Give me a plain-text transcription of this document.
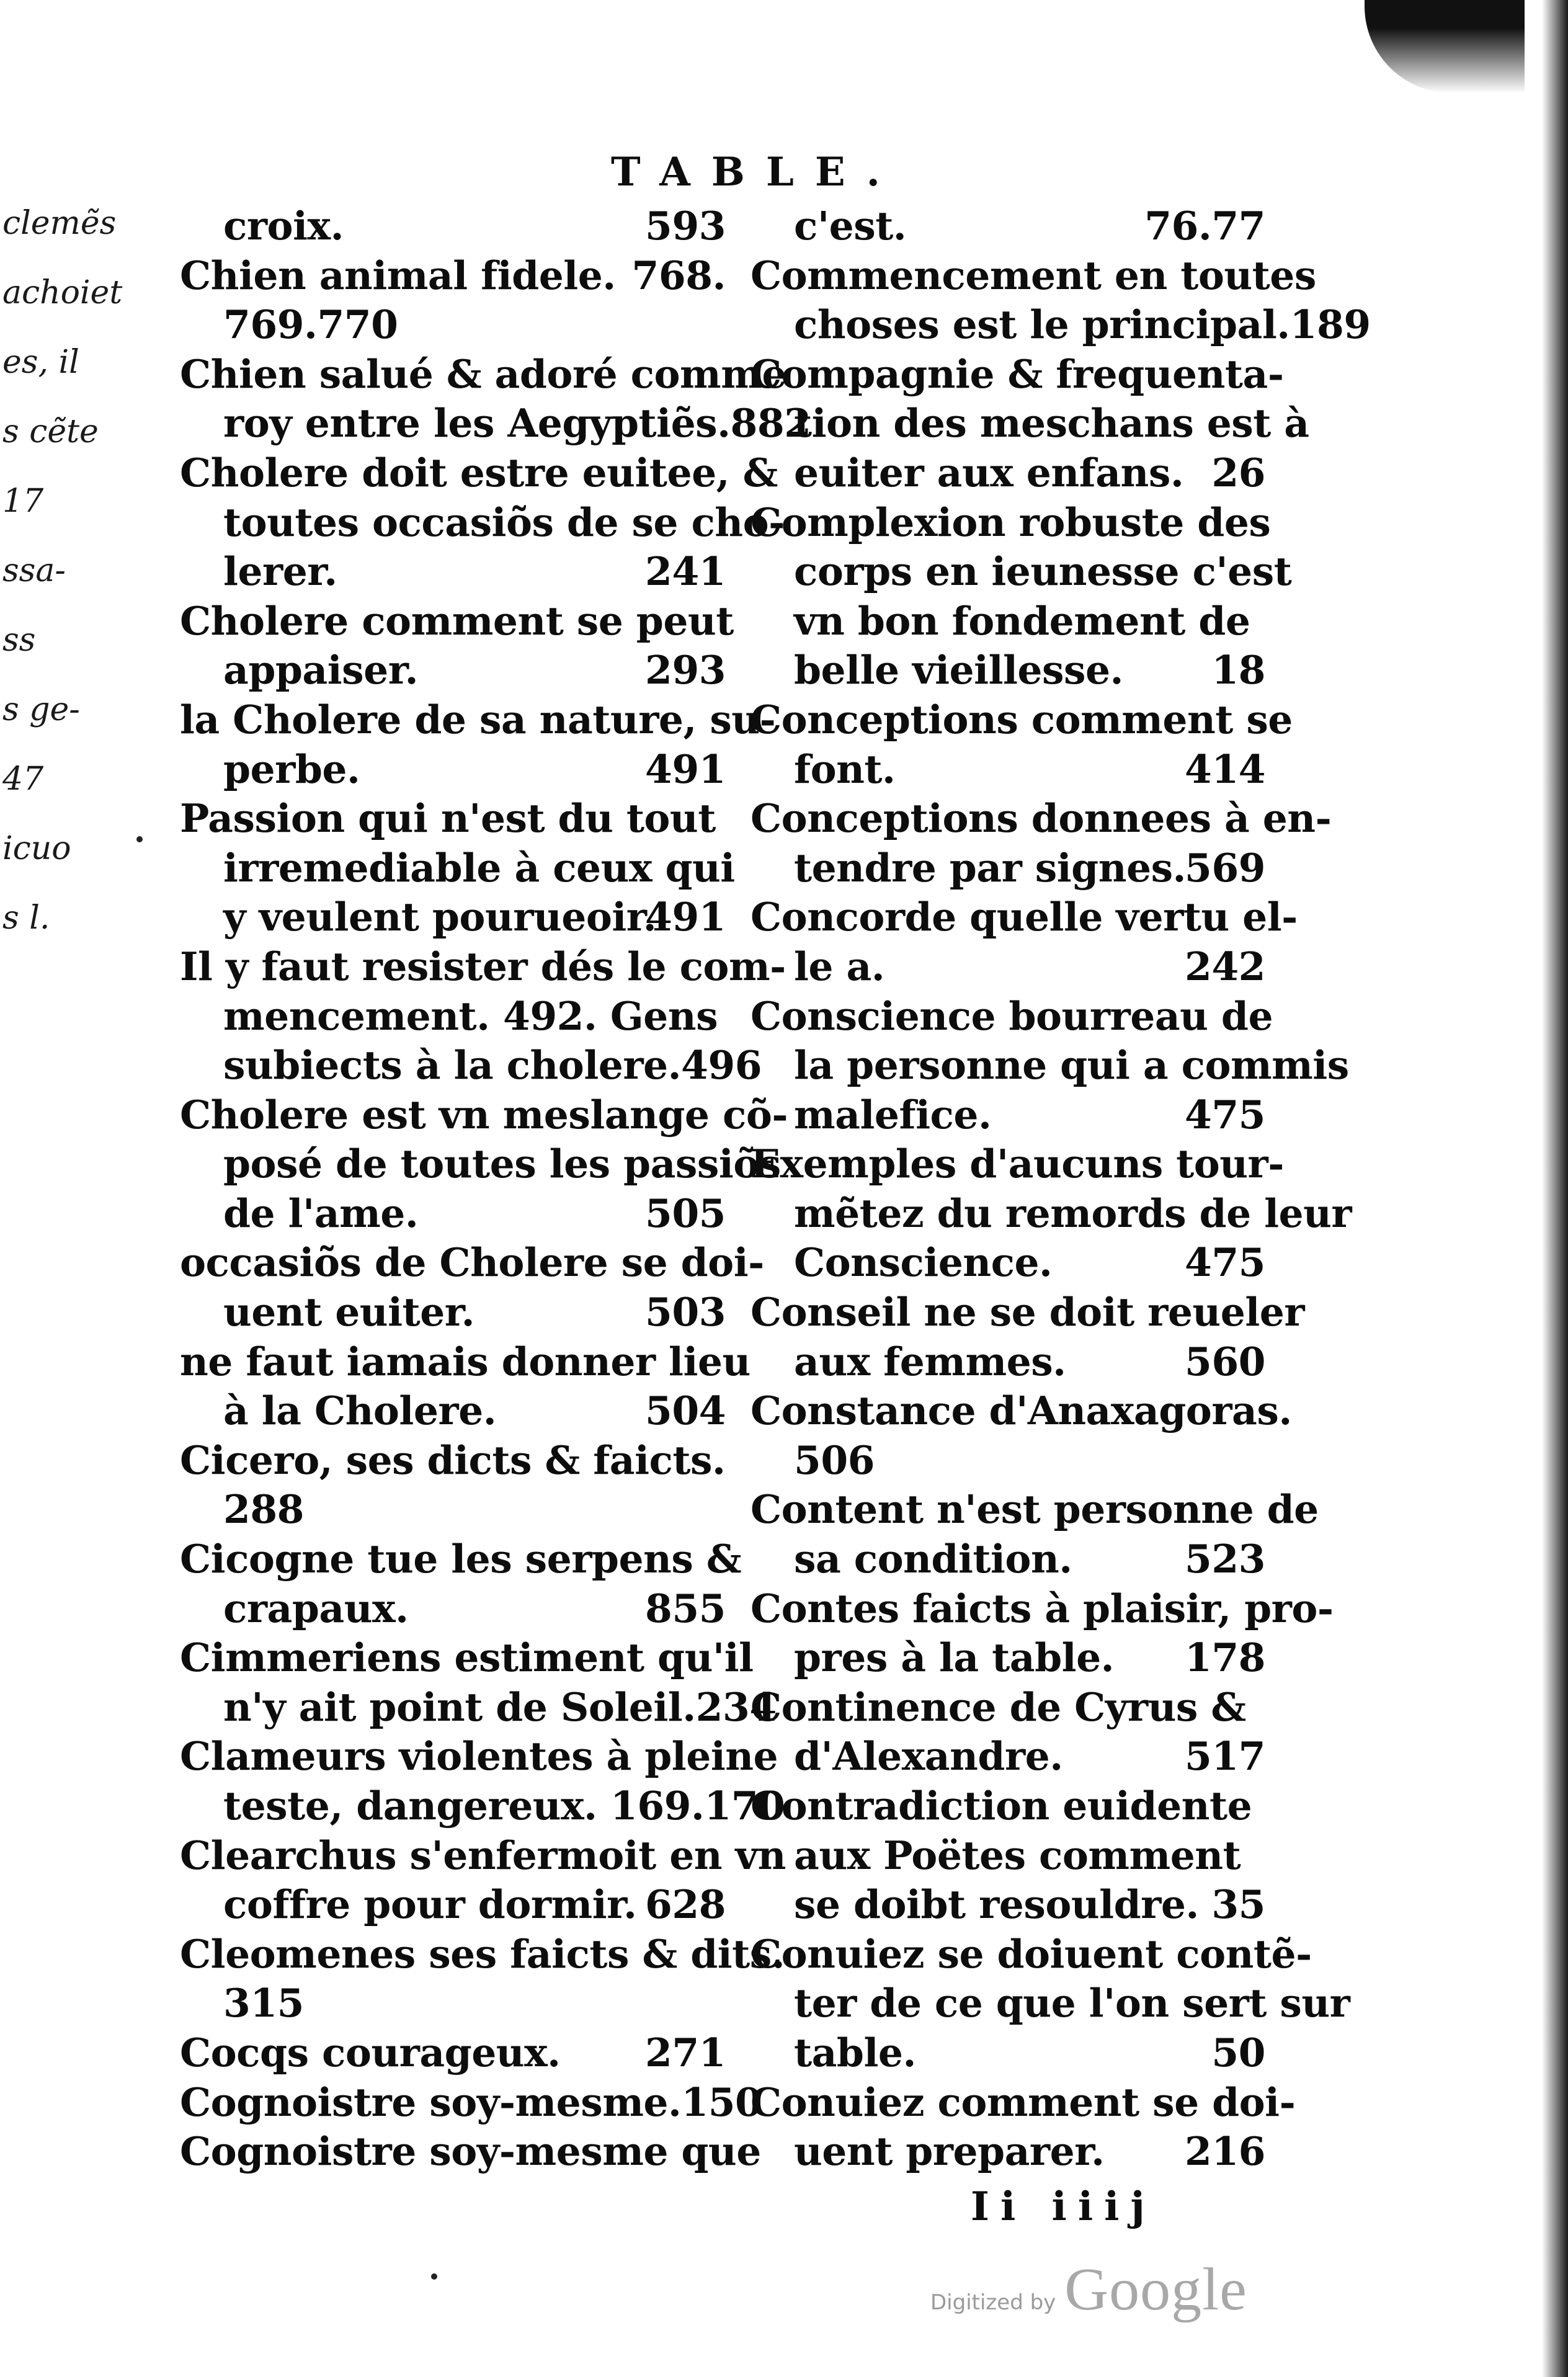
clemẽs
achoiet
es, il
s cẽte
17
ssa-
ss
s ge-
47
icuo
s l.
TABLE.
croix.	593
Chien animal fidele. 768.
769.770
Chien salué & adoré comme
roy entre les Aegyptiẽs.882
Cholere doit estre euitee, &
toutes occasiõs de se cho-
lerer.	241
Cholere comment se peut
appaiser.	293
la Cholere de sa nature, su-
perbe.	491
Passion qui n'est du tout
irremediable à ceux qui
y veulent pourueoir.
491
Il y faut resister dés le com-
mencement. 492. Gens
subiects à la cholere.496
Cholere est vn meslange cõ-
posé de toutes les passiõs
de l'ame.	505
occasiõs de Cholere se doi-
uent euiter.	503
ne faut iamais donner lieu
à la Cholere.	504
Cicero, ses dicts & faicts.
288
Cicogne tue les serpens &
crapaux.	855
Cimmeriens estiment qu'il
n'y ait point de Soleil.234
Clameurs violentes à pleine
teste, dangereux. 169.170
Clearchus s'enfermoit en vn
coffre pour dormir. 628
Cleomenes ses faicts & dits.
315
Cocqs courageux. 271
Cognoistre soy-mesme.150
Cognoistre soy-mesme que
c'est.	76.77
Commencement en toutes
choses est le principal.189
Compagnie & frequenta-
tion des meschans est à
euiter aux enfans. 26
Complexion robuste des
corps en ieunesse c'est
vn bon fondement de
belle vieillesse. 18
Conceptions comment se
font.	414
Conceptions donnees à en-
tendre par signes.
569
Concorde quelle vertu el-
le a.	242
Conscience bourreau de
la personne qui a commis
malefice.	475
Exemples d'aucuns tour-
mẽtez du remords de leur
Conscience.	475
Conseil ne se doit reueler
aux femmes.	560
Constance d'Anaxagoras.
506
Content n'est personne de
sa condition.	523
Contes faicts à plaisir, pro-
pres à la table. 178
Continence de Cyrus &
d'Alexandre.	517
Contradiction euidente
aux Poëtes comment
se doibt resouldre. 35
Conuiez se doiuent contẽ-
ter de ce que l'on sert sur
table.	50
Conuiez comment se doi-
uent preparer. 216
Ii iiij
Digitized by Google
